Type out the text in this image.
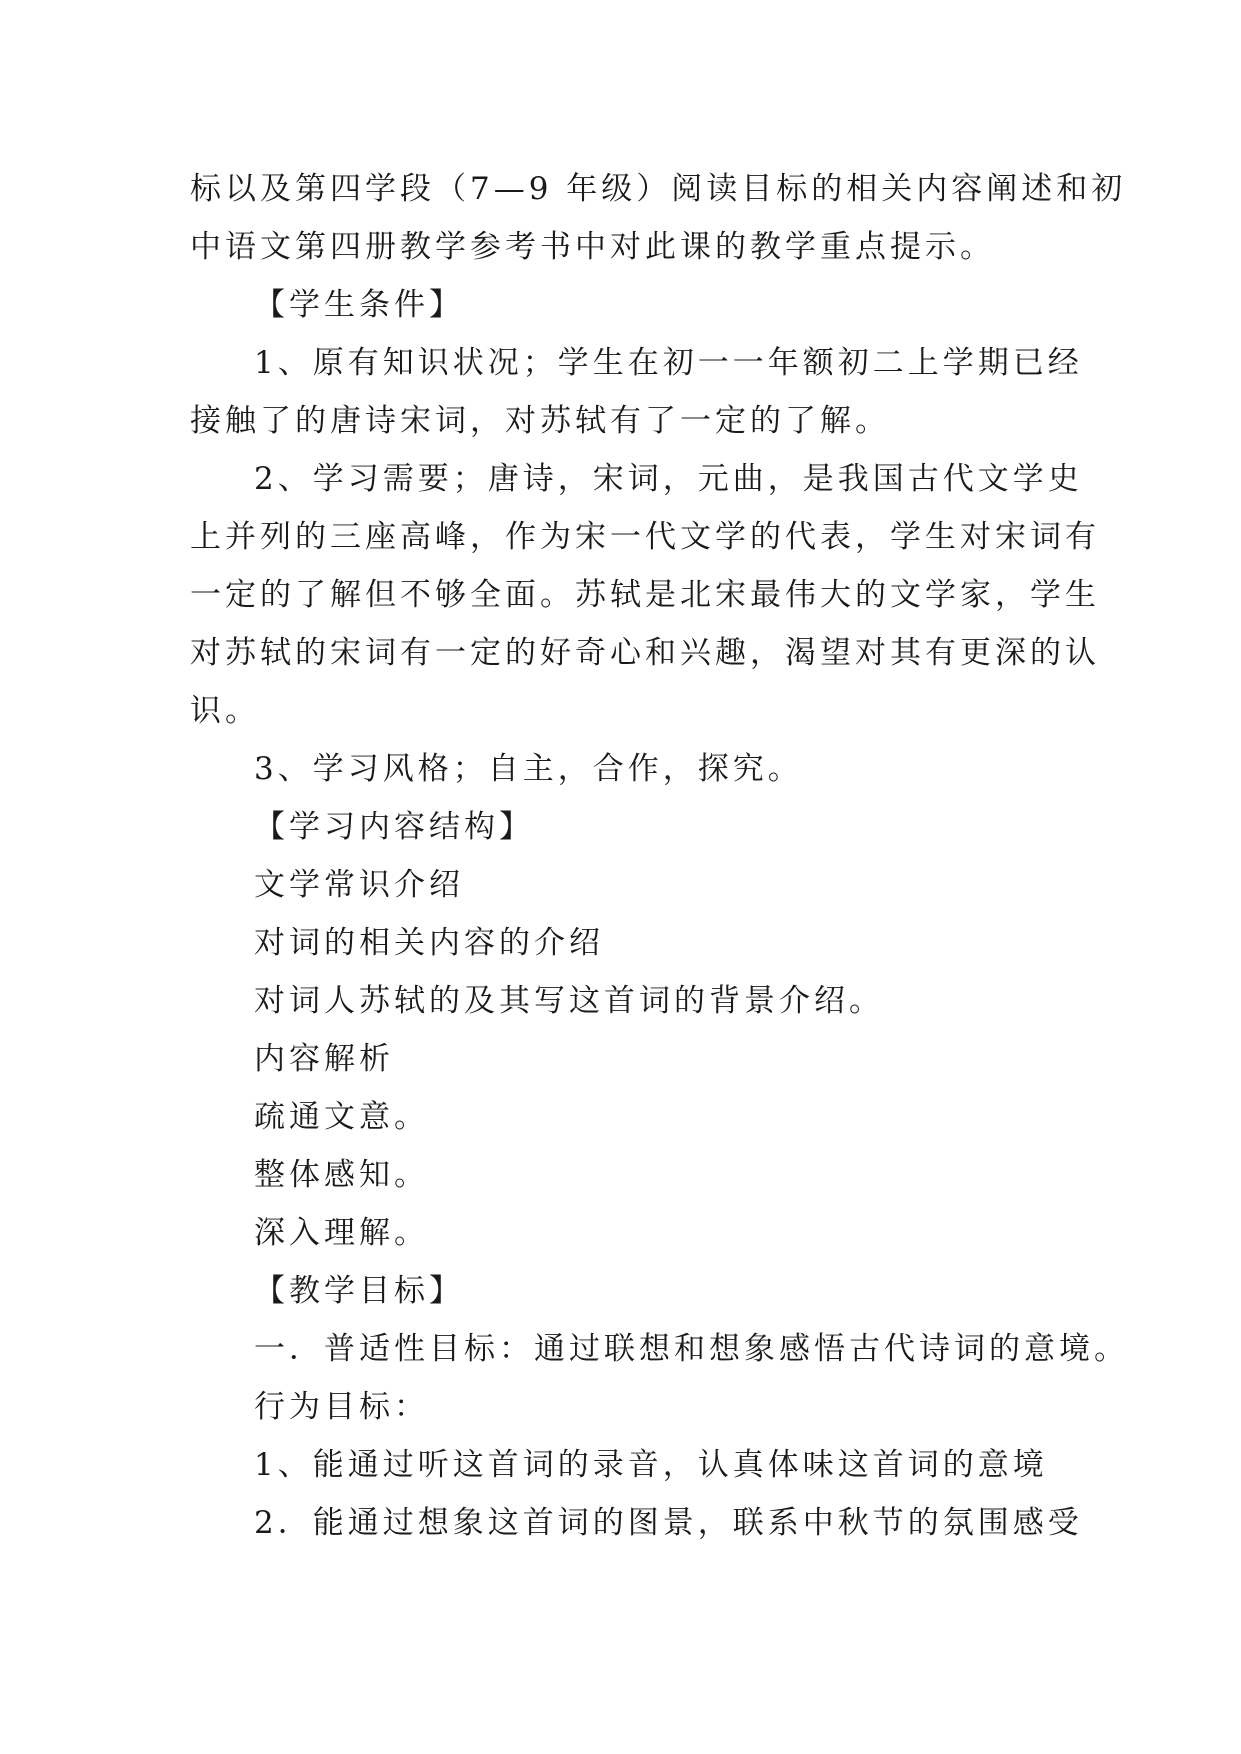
标以及第四学段（7—9 年级）阅读目标的相关内容阐述和初
中语文第四册教学参考书中对此课的教学重点提示。
【学生条件】
1、原有知识状况；学生在初一一年额初二上学期已经
接触了的唐诗宋词，对苏轼有了一定的了解。
2、学习需要；唐诗，宋词，元曲，是我国古代文学史
上并列的三座高峰，作为宋一代文学的代表，学生对宋词有
一定的了解但不够全面。苏轼是北宋最伟大的文学家，学生
对苏轼的宋词有一定的好奇心和兴趣，渴望对其有更深的认
识。
3、学习风格；自主，合作，探究。
【学习内容结构】
文学常识介绍
对词的相关内容的介绍
对词人苏轼的及其写这首词的背景介绍。
内容解析
疏通文意。
整体感知。
深入理解。
【教学目标】
一．普适性目标：通过联想和想象感悟古代诗词的意境。
行为目标：
1、能通过听这首词的录音，认真体味这首词的意境
2．能通过想象这首词的图景，联系中秋节的氛围感受
